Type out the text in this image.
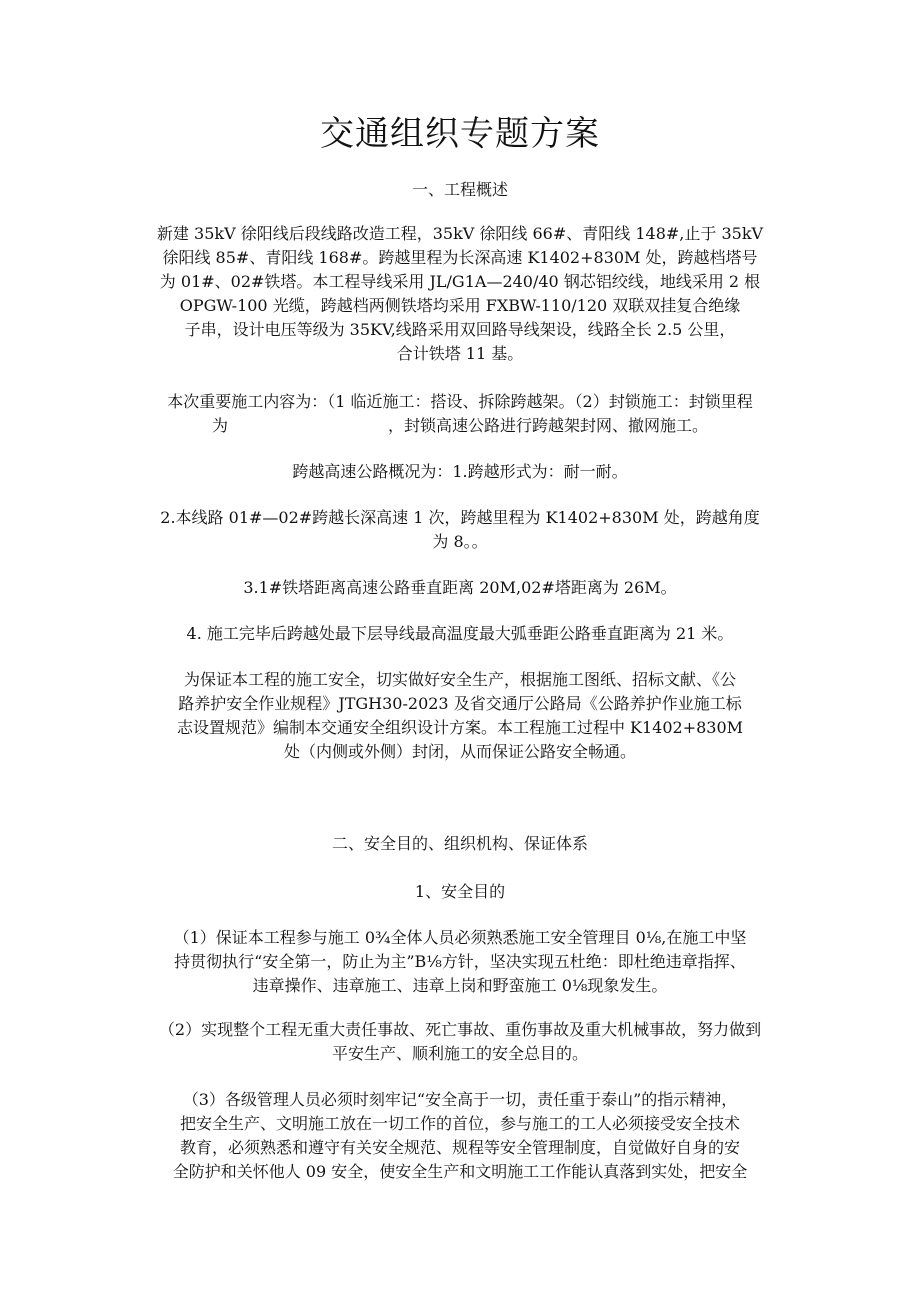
交通组织专题方案
一、工程概述
新建 35kV 徐阳线后段线路改造工程，35kV 徐阳线 66#、青阳线 148#,止于 35kV
徐阳线 85#、青阳线 168#。跨越里程为长深高速 K1402+830M 处，跨越档塔号
为 01#、02#铁塔。本工程导线采用 JL/G1A—240/40 钢芯铝绞线，地线采用 2 根
OPGW-100 光缆，跨越档两侧铁塔均采用 FXBW-110/120 双联双挂复合绝缘
子串，设计电压等级为 35KV,线路采用双回路导线架设，线路全长 2.5 公里，
合计铁塔 11 基。
本次重要施工内容为：（1 临近施工：搭设、拆除跨越架。（2）封锁施工：封锁里程
为　　　　　　　　　　，封锁高速公路进行跨越架封网、撤网施工。
跨越高速公路概况为：1.跨越形式为：耐一耐。
2.本线路 01#—02#跨越长深高速 1 次，跨越里程为 K1402+830M 处，跨越角度
为 8。。
3.1#铁塔距离高速公路垂直距离 20M,02#塔距离为 26M。
4. 施工完毕后跨越处最下层导线最高温度最大弧垂距公路垂直距离为 21 米。
为保证本工程的施工安全，切实做好安全生产，根据施工图纸、招标文献、《公
路养护安全作业规程》JTGH30-2023 及省交通厅公路局《公路养护作业施工标
志设置规范》编制本交通安全组织设计方案。本工程施工过程中 K1402+830M
处（内侧或外侧）封闭，从而保证公路安全畅通。
二、安全目的、组织机构、保证体系
1、安全目的
（1）保证本工程参与施工 0¾全体人员必须熟悉施工安全管理目 0⅛,在施工中坚
持贯彻执行“安全第一，防止为主”B⅛方针，坚决实现五杜绝：即杜绝违章指挥、
违章操作、违章施工、违章上岗和野蛮施工 0⅛现象发生。
（2）实现整个工程无重大责任事故、死亡事故、重伤事故及重大机械事故，努力做到
平安生产、顺利施工的安全总目的。
（3）各级管理人员必须时刻牢记“安全高于一切，责任重于泰山”的指示精神，
把安全生产、文明施工放在一切工作的首位，参与施工的工人必须接受安全技术
教育，必须熟悉和遵守有关安全规范、规程等安全管理制度，自觉做好自身的安
全防护和关怀他人 09 安全，使安全生产和文明施工工作能认真落到实处，把安全
